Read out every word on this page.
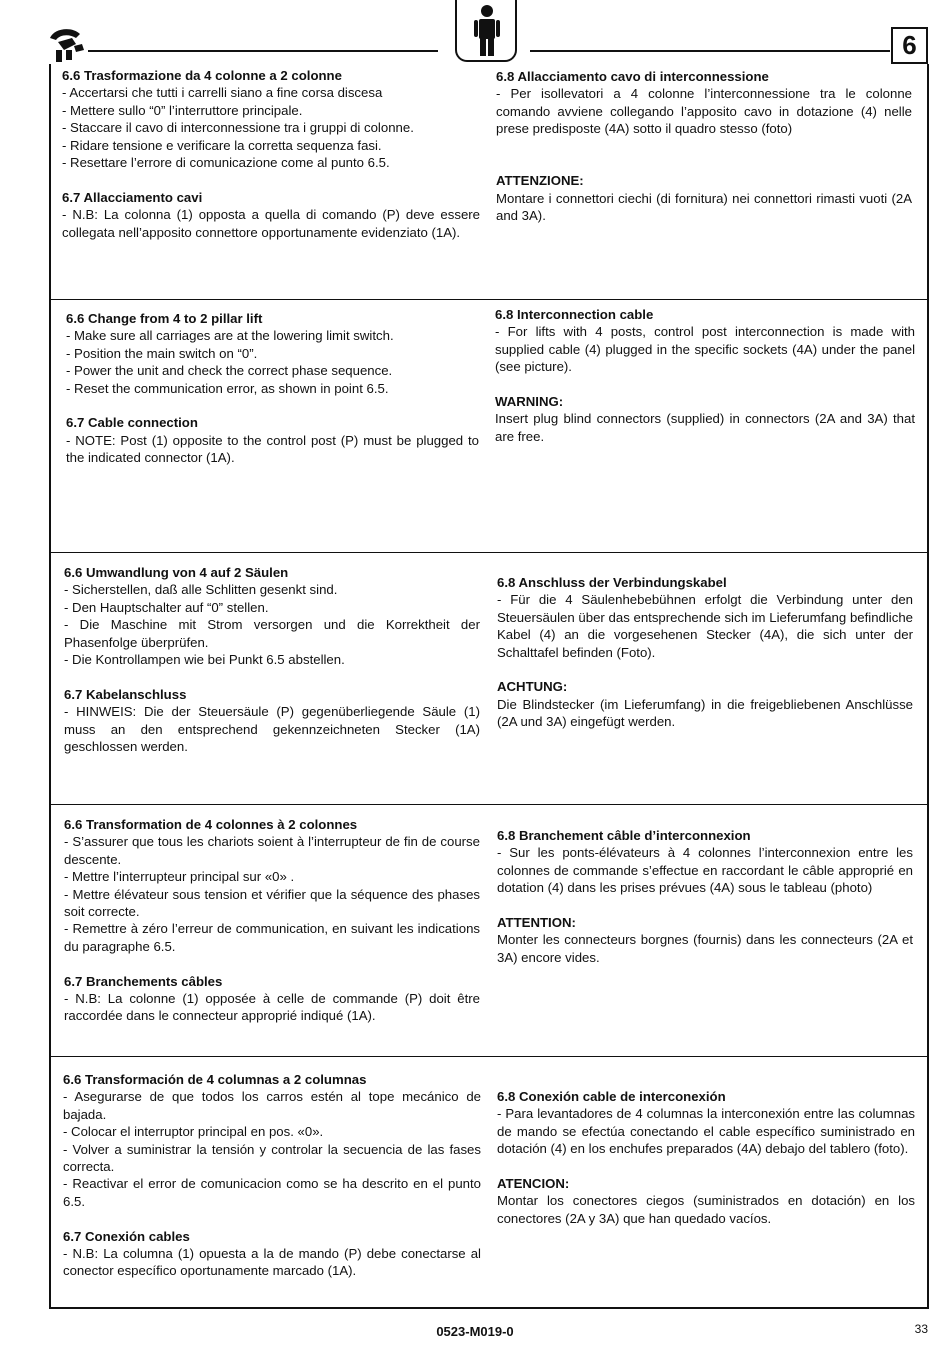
6

6.6 Trasformazione da 4 colonne a 2 colonne

- Accertarsi che tutti i carrelli siano a fine corsa discesa

- Mettere sullo “0” l’interruttore principale.

- Staccare il cavo di interconnessione tra i gruppi di colonne.

- Ridare tensione e verificare la corretta sequenza fasi.

- Resettare l’errore di comunicazione come al punto 6.5.

6.7 Allacciamento cavi

- N.B: La colonna (1) opposta a quella di comando (P) deve essere collegata nell’apposito connettore opportunamente evidenziato (1A).

6.8 Allacciamento cavo di interconnessione

- Per isollevatori a 4 colonne l’interconnessione tra le colonne comando avviene collegando l’apposito cavo in dotazione (4) nelle prese predisposte (4A) sotto il quadro stesso (foto)

ATTENZIONE:

Montare i connettori ciechi (di fornitura) nei connettori rimasti vuoti (2A and 3A).

6.6 Change from 4 to 2 pillar lift

- Make sure all carriages are at the lowering limit switch.

- Position the main switch on “0”.

- Power the unit and check the correct phase sequence.

- Reset the communication error, as shown in point 6.5.

6.7 Cable connection

- NOTE: Post (1) opposite to the control post (P) must be plugged to the indicated connector (1A).

6.8 Interconnection cable

- For lifts with 4 posts, control post interconnection is made with supplied cable (4) plugged in the specific sockets (4A) under the panel (see picture).

WARNING:

Insert plug blind connectors (supplied) in connectors (2A and 3A) that are free.

6.6 Umwandlung von 4 auf 2 Säulen

- Sicherstellen, daß alle Schlitten gesenkt sind.

- Den Hauptschalter auf “0” stellen.

- Die Maschine mit Strom versorgen und die Korrektheit der Phasenfolge überprüfen.

- Die Kontrollampen wie bei Punkt 6.5 abstellen.

6.7 Kabelanschluss

- HINWEIS: Die der Steuersäule (P) gegenüberliegende Säule (1) muss an den entsprechend gekennzeichneten Stecker (1A) geschlossen werden.

6.8 Anschluss der Verbindungskabel

- Für die 4 Säulenhebebühnen erfolgt die Verbindung unter den Steuersäulen über das entsprechende sich im Lieferumfang befindliche Kabel (4) an die vorgesehenen Stecker (4A), die sich unter der Schalttafel befinden (Foto).

ACHTUNG:

Die Blindstecker (im Lieferumfang) in die freigebliebenen Anschlüsse (2A und 3A) eingefügt werden.

6.6 Transformation de 4 colonnes à 2 colonnes

- S’assurer que tous les chariots soient à l’interrupteur de fin de course descente.

- Mettre l’interrupteur principal sur «0» .

- Mettre élévateur sous tension et vérifier que la séquence des phases soit correcte.

- Remettre à zéro l’erreur de communication, en suivant les indications du paragraphe 6.5.

6.7 Branchements câbles

- N.B: La colonne (1) opposée à celle de commande (P) doit être raccordée dans le connecteur approprié indiqué (1A).

6.8 Branchement câble d’interconnexion

- Sur les ponts-élévateurs à 4 colonnes l’interconnexion entre les colonnes de commande s’effectue en raccordant le câble approprié en dotation (4) dans les prises prévues (4A) sous le tableau (photo)

ATTENTION:

Monter les connecteurs borgnes (fournis) dans les connecteurs (2A et 3A) encore vides.

6.6 Transformación de 4 columnas a 2 columnas

- Asegurarse de que todos los carros estén al tope mecánico de bajada.

- Colocar el interruptor principal en pos. «0».

- Volver a suministrar la tensión y controlar la secuencia de las fases correcta.

- Reactivar el error de comunicacion como se ha descrito en el punto 6.5.

6.7 Conexión cables

- N.B: La columna (1) opuesta a la de mando (P) debe conectarse al conector específico oportunamente marcado (1A).

6.8 Conexión cable de interconexión

- Para levantadores de 4 columnas la interconexión entre las columnas de mando se efectúa conectando el cable específico suministrado en dotación (4) en los enchufes preparados (4A) debajo del tablero (foto).

ATENCION:

Montar los conectores ciegos (suministrados en dotación) en los conectores (2A y 3A) que han quedado vacíos.

0523-M019-0	33
